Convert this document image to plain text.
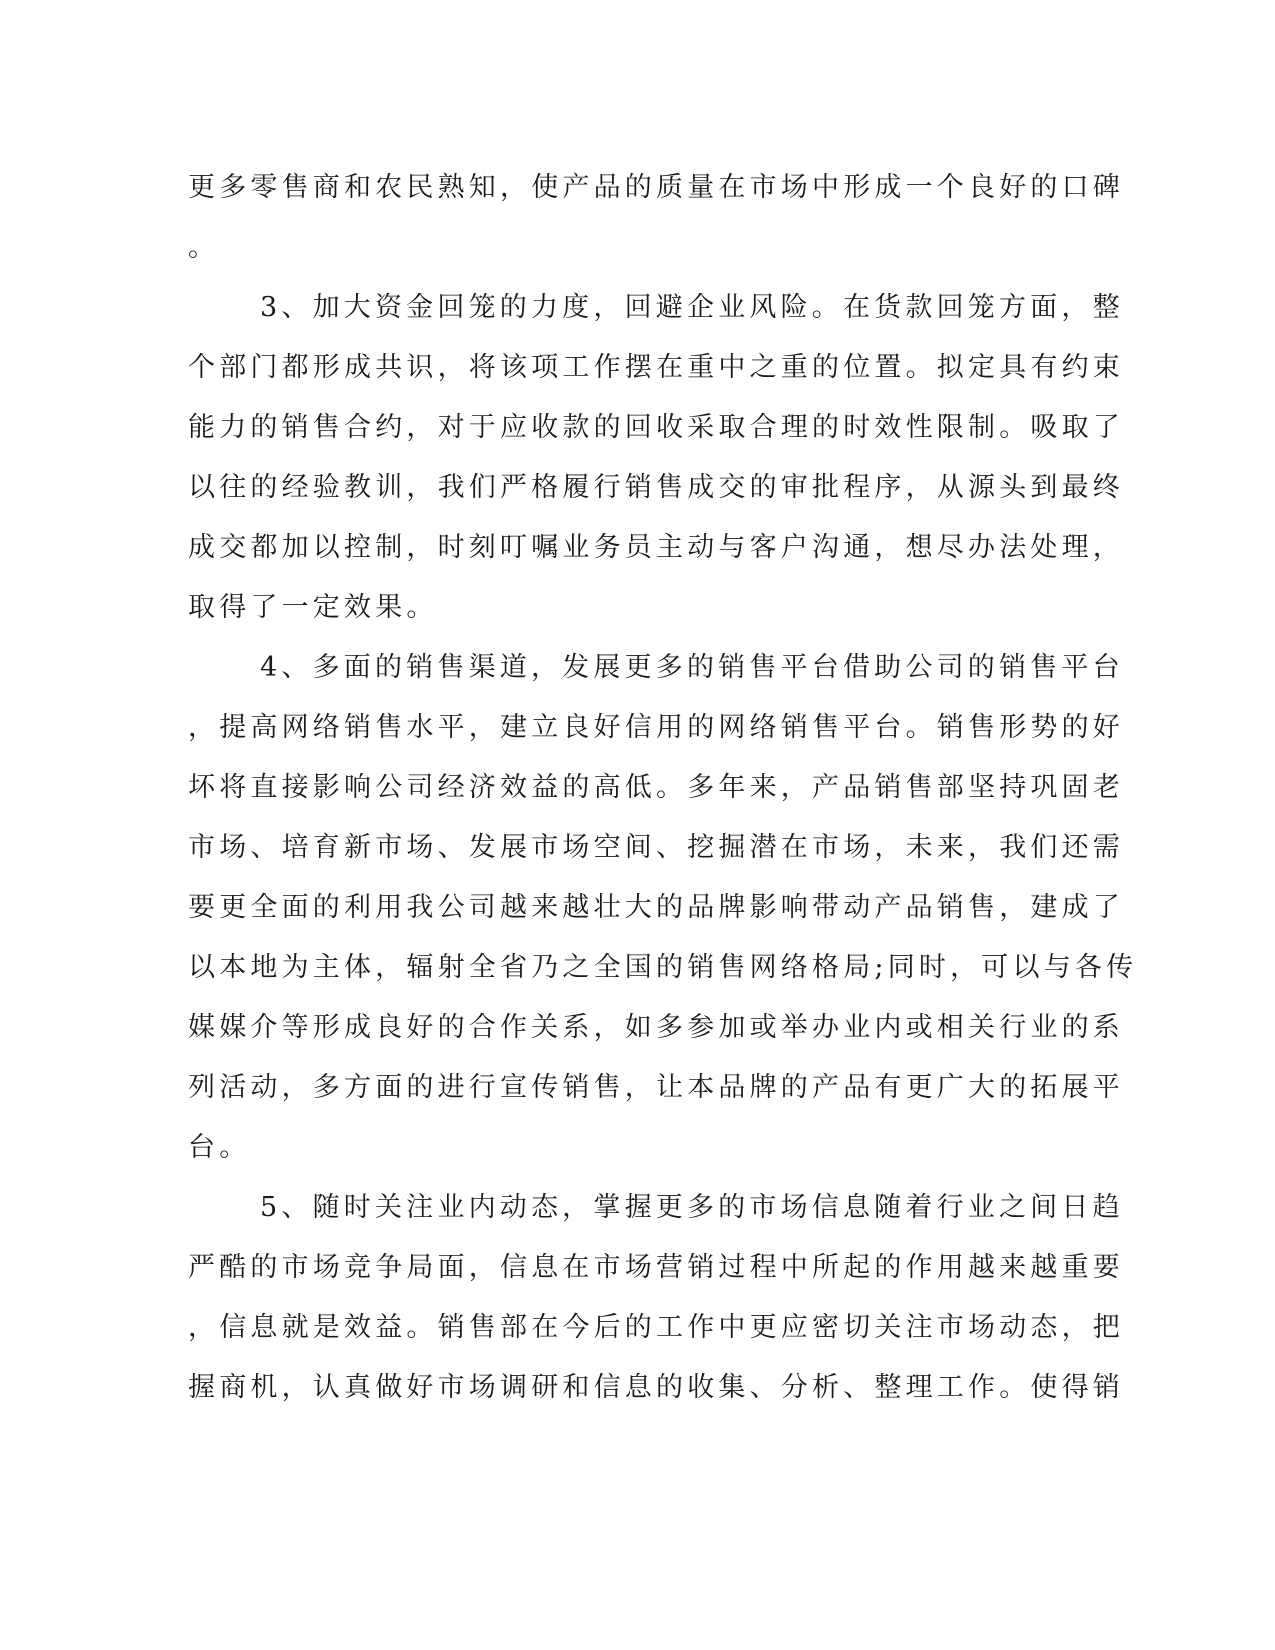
更多零售商和农民熟知，使产品的质量在市场中形成一个良好的口碑
。
3、加大资金回笼的力度，回避企业风险。在货款回笼方面，整
个部门都形成共识，将该项工作摆在重中之重的位置。拟定具有约束
能力的销售合约，对于应收款的回收采取合理的时效性限制。吸取了
以往的经验教训，我们严格履行销售成交的审批程序，从源头到最终
成交都加以控制，时刻叮嘱业务员主动与客户沟通，想尽办法处理，
取得了一定效果。
4、多面的销售渠道，发展更多的销售平台借助公司的销售平台
，提高网络销售水平，建立良好信用的网络销售平台。销售形势的好
坏将直接影响公司经济效益的高低。多年来，产品销售部坚持巩固老
市场、培育新市场、发展市场空间、挖掘潜在市场，未来，我们还需
要更全面的利用我公司越来越壮大的品牌影响带动产品销售，建成了
以本地为主体，辐射全省乃之全国的销售网络格局;同时，可以与各传
媒媒介等形成良好的合作关系，如多参加或举办业内或相关行业的系
列活动，多方面的进行宣传销售，让本品牌的产品有更广大的拓展平
台。
5、随时关注业内动态，掌握更多的市场信息随着行业之间日趋
严酷的市场竞争局面，信息在市场营销过程中所起的作用越来越重要
，信息就是效益。销售部在今后的工作中更应密切关注市场动态，把
握商机，认真做好市场调研和信息的收集、分析、整理工作。使得销
